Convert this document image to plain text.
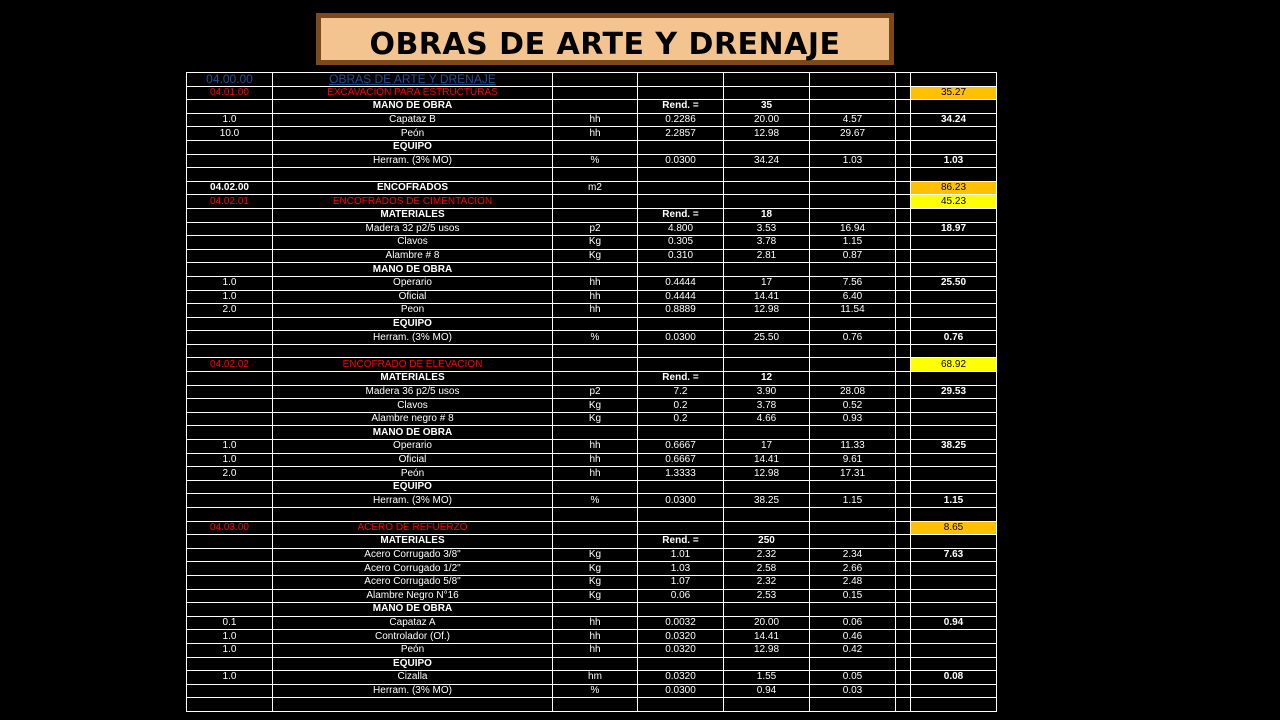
OBRAS DE ARTE Y DRENAJE
04.00.00	OBRAS DE ARTE Y DRENAJE						
04.01.00	EXCAVACION PARA ESTRUCTURAS						35.27
	MANO DE OBRA		Rend. =	35			
1.0	Capataz B	hh	0.2286	20.00	4.57		34.24
10.0	Peón	hh	2.2857	12.98	29.67		
	EQUIPO						
	Herram. (3% MO)	%	0.0300	34.24	1.03		1.03

04.02.00	ENCOFRADOS	m2					86.23
04.02.01	ENCOFRADOS DE CIMENTACION						45.23
	MATERIALES		Rend. =	18			
	Madera 32 p2/5 usos	p2	4.800	3.53	16.94		18.97
	Clavos	Kg	0.305	3.78	1.15		
	Alambre # 8	Kg	0.310	2.81	0.87		
	MANO DE OBRA						
1.0	Operario	hh	0.4444	17	7.56		25.50
1.0	Oficial	hh	0.4444	14.41	6.40		
2.0	Peon	hh	0.8889	12.98	11.54		
	EQUIPO						
	Herram. (3% MO)	%	0.0300	25.50	0.76		0.76

04.02.02	ENCOFRADO DE ELEVACION						68.92
	MATERIALES		Rend. =	12			
	Madera 36 p2/5 usos	p2	7.2	3.90	28.08		29.53
	Clavos	Kg	0.2	3.78	0.52		
	Alambre negro # 8	Kg	0.2	4.66	0.93		
	MANO DE OBRA						
1.0	Operario	hh	0.6667	17	11.33		38.25
1.0	Oficial	hh	0.6667	14.41	9.61		
2.0	Peón	hh	1.3333	12.98	17.31		
	EQUIPO						
	Herram. (3% MO)	%	0.0300	38.25	1.15		1.15

04.03.00	ACERO DE REFUERZO						8.65
	MATERIALES		Rend. =	250			
	Acero Corrugado 3/8"	Kg	1.01	2.32	2.34		7.63
	Acero Corrugado 1/2"	Kg	1.03	2.58	2.66		
	Acero Corrugado 5/8"	Kg	1.07	2.32	2.48		
	Alambre Negro N°16	Kg	0.06	2.53	0.15		
	MANO DE OBRA						
0.1	Capataz A	hh	0.0032	20.00	0.06		0.94
1.0	Controlador (Of.)	hh	0.0320	14.41	0.46		
1.0	Peón	hh	0.0320	12.98	0.42		
	EQUIPO						
1.0	Cizalla	hm	0.0320	1.55	0.05		0.08
	Herram. (3% MO)	%	0.0300	0.94	0.03		
